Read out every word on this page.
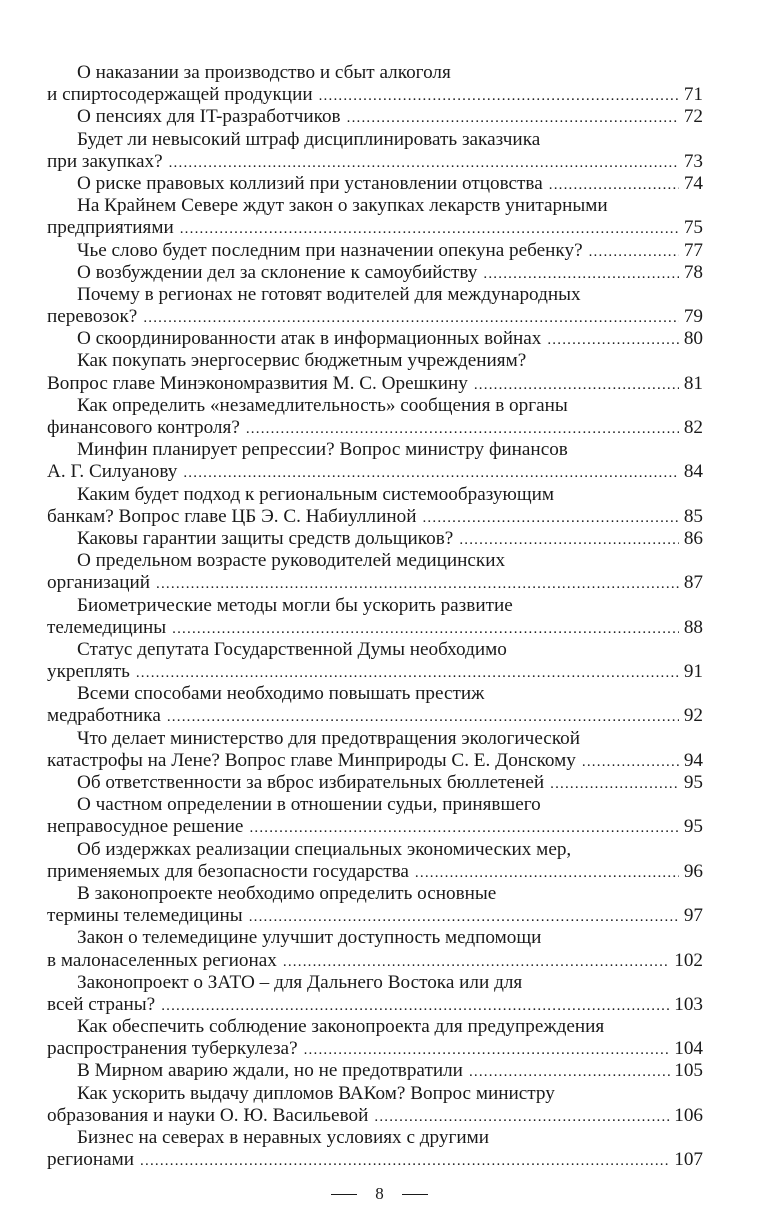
О наказании за производство и сбыт алкоголя
и спиртосодержащей продукции .....	71
О пенсиях для IT-разработчиков .....	72
Будет ли невысокий штраф дисциплинировать заказчика
при закупках? .....	73
О риске правовых коллизий при установлении отцовства .....	74
На Крайнем Севере ждут закон о закупках лекарств унитарными
предприятиями .....	75
Чье слово будет последним при назначении опекуна ребенку? .....	77
О возбуждении дел за склонение к самоубийству .....	78
Почему в регионах не готовят водителей для международных
перевозок? .....	79
О скоординированности атак в информационных войнах .....	80
Как покупать энергосервис бюджетным учреждениям?
Вопрос главе Минэкономразвития М. С. Орешкину .....	81
Как определить «незамедлительность» сообщения в органы
финансового контроля? .....	82
Минфин планирует репрессии? Вопрос министру финансов
А. Г. Силуанову .....	84
Каким будет подход к региональным системообразующим
банкам? Вопрос главе ЦБ Э. С. Набиуллиной .....	85
Каковы гарантии защиты средств дольщиков? .....	86
О предельном возрасте руководителей медицинских
организаций .....	87
Биометрические методы могли бы ускорить развитие
телемедицины .....	88
Статус депутата Государственной Думы необходимо
укреплять .....	91
Всеми способами необходимо повышать престиж
медработника .....	92
Что делает министерство для предотвращения экологической
катастрофы на Лене? Вопрос главе Минприроды С. Е. Донскому .....	94
Об ответственности за вброс избирательных бюллетеней .....	95
О частном определении в отношении судьи, принявшего
неправосудное решение .....	95
Об издержках реализации специальных экономических мер,
применяемых для безопасности государства .....	96
В законопроекте необходимо определить основные
термины телемедицины .....	97
Закон о телемедицине улучшит доступность медпомощи
в малонаселенных регионах .....	102
Законопроект о ЗАТО – для Дальнего Востока или для
всей страны? .....	103
Как обеспечить соблюдение законопроекта для предупреждения
распространения туберкулеза? .....	104
В Мирном аварию ждали, но не предотвратили .....	105
Как ускорить выдачу дипломов ВАКом? Вопрос министру
образования и науки О. Ю. Васильевой .....	106
Бизнес на северах в неравных условиях с другими
регионами .....	107
8
